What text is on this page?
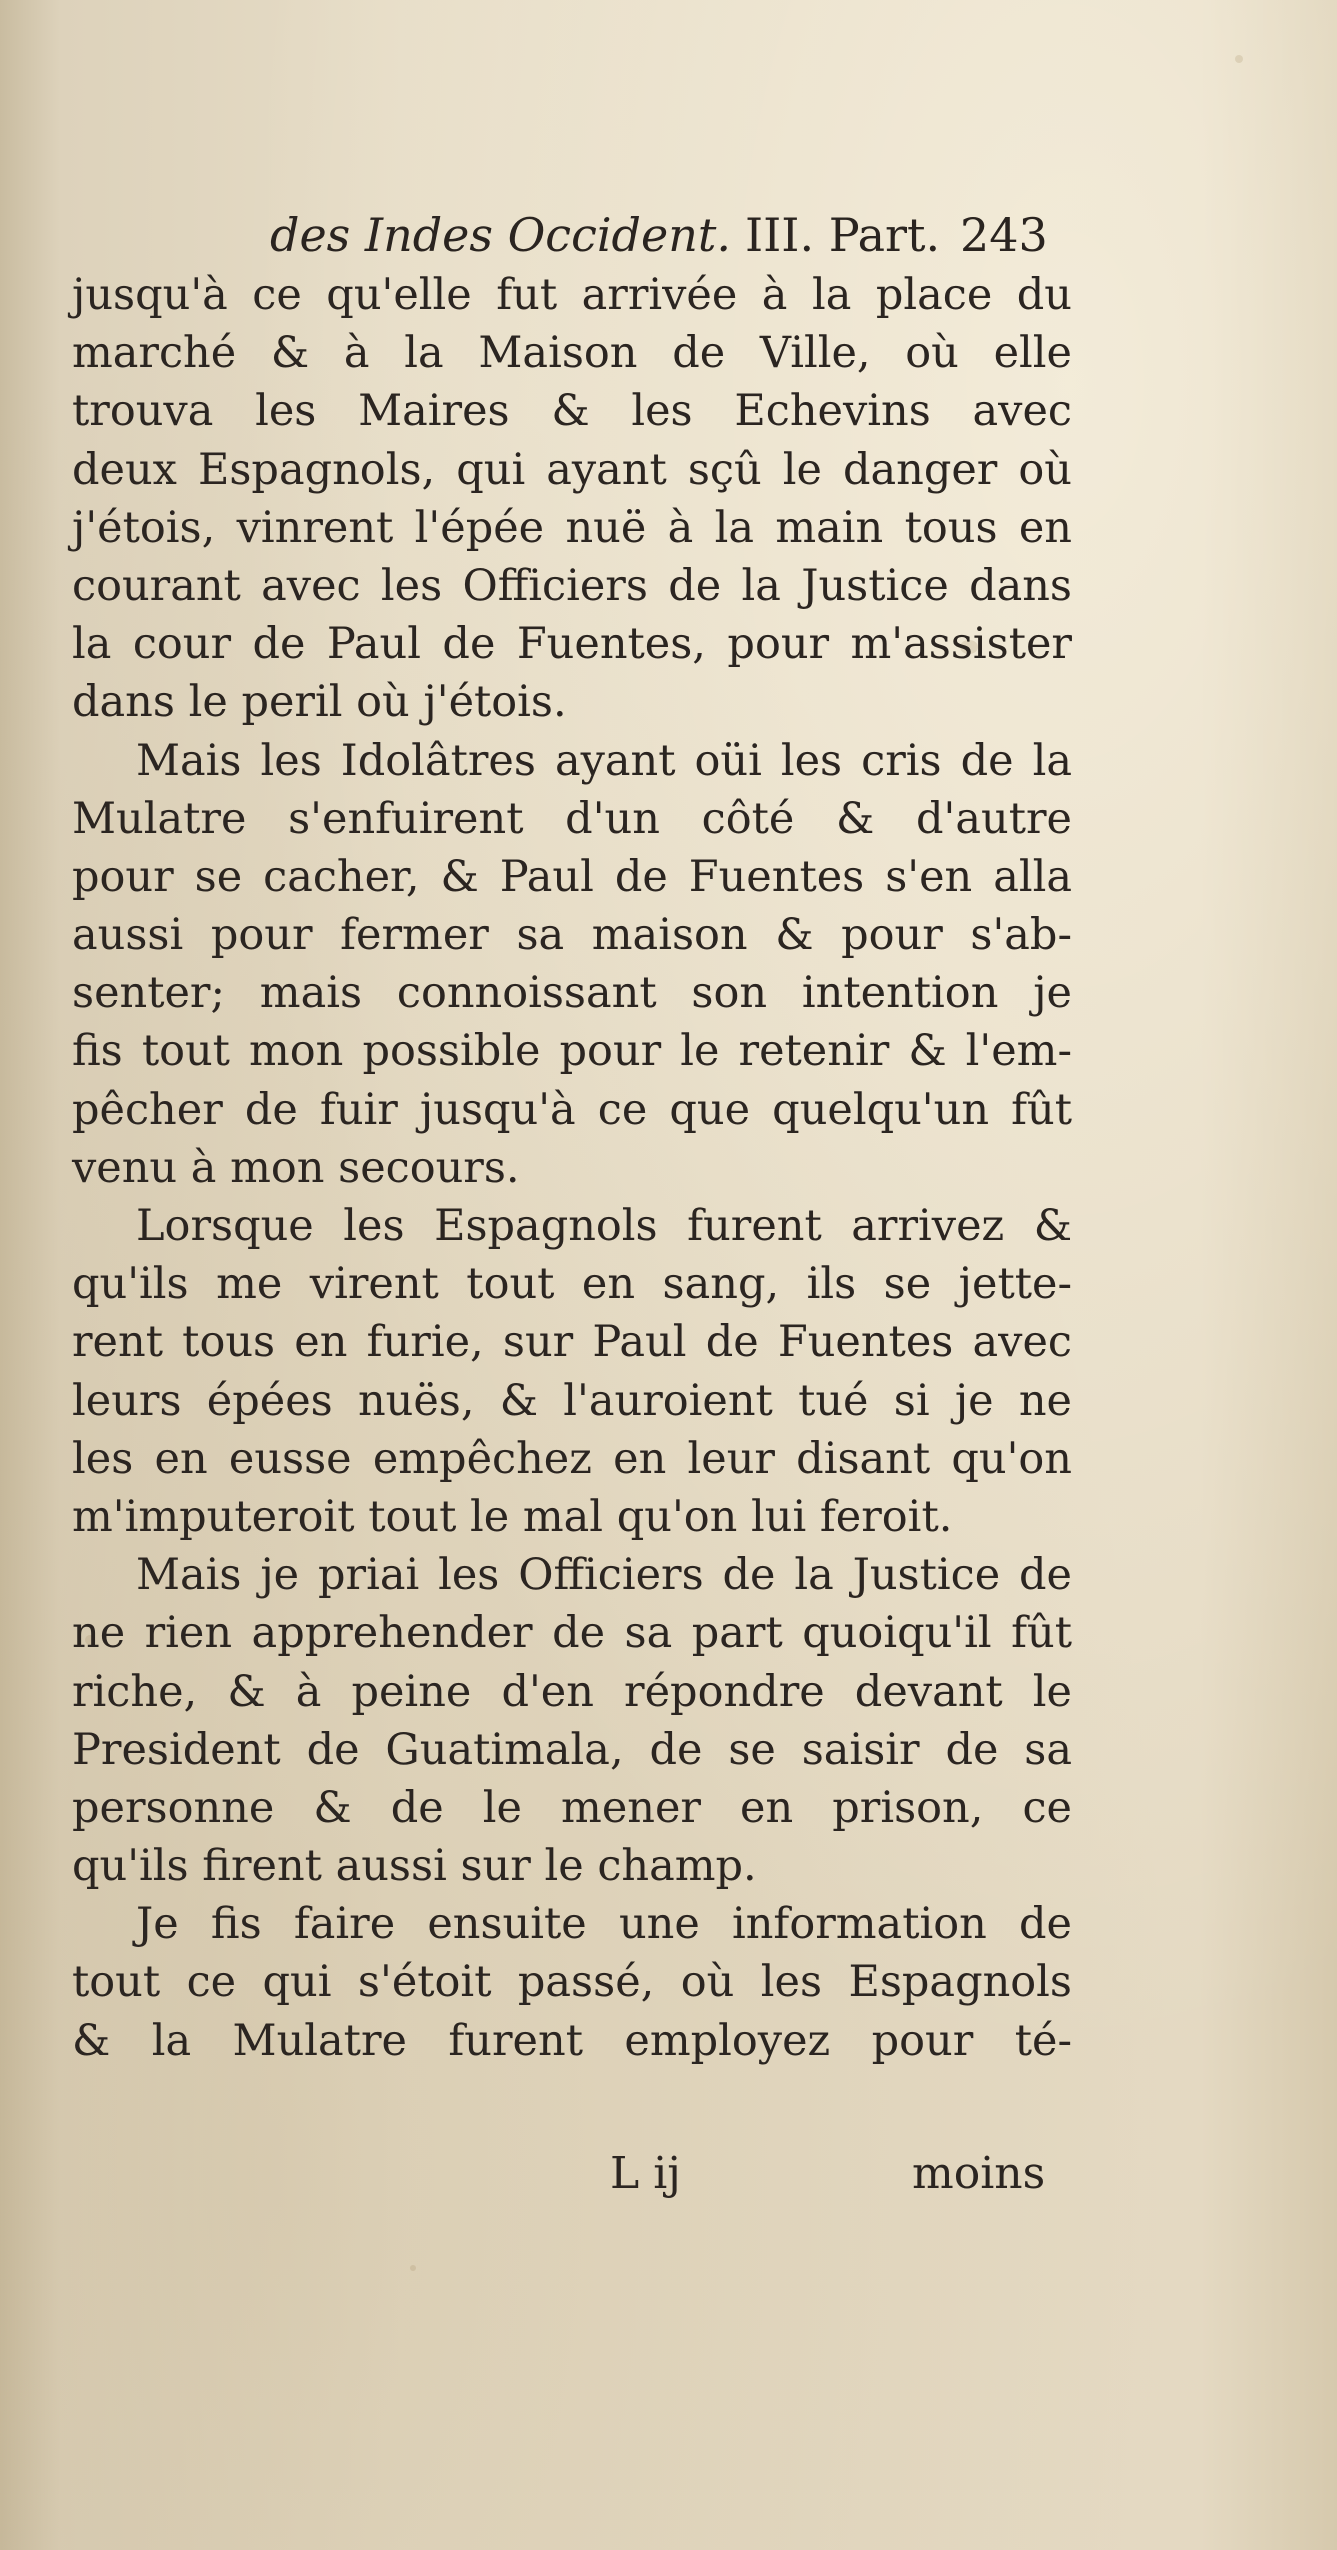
des Indes Occident. III. Part. 243
jusqu'à ce qu'elle fut arrivée à la place du
marché & à la Maison de Ville, où elle
trouva les Maires & les Echevins avec
deux Espagnols, qui ayant sçû le danger où
j'étois, vinrent l'épée nuë à la main tous en
courant avec les Officiers de la Justice dans
la cour de Paul de Fuentes, pour m'assister
dans le peril où j'étois.
Mais les Idolâtres ayant oüi les cris de la
Mulatre s'enfuirent d'un côté & d'autre
pour se cacher, & Paul de Fuentes s'en alla
aussi pour fermer sa maison & pour s'ab-
senter; mais connoissant son intention je
fis tout mon possible pour le retenir & l'em-
pêcher de fuir jusqu'à ce que quelqu'un fût
venu à mon secours.
Lorsque les Espagnols furent arrivez &
qu'ils me virent tout en sang, ils se jette-
rent tous en furie, sur Paul de Fuentes avec
leurs épées nuës, & l'auroient tué si je ne
les en eusse empêchez en leur disant qu'on
m'imputeroit tout le mal qu'on lui feroit.
Mais je priai les Officiers de la Justice de
ne rien apprehender de sa part quoiqu'il fût
riche, & à peine d'en répondre devant le
President de Guatimala, de se saisir de sa
personne & de le mener en prison, ce
qu'ils firent aussi sur le champ.
Je fis faire ensuite une information de
tout ce qui s'étoit passé, où les Espagnols
& la Mulatre furent employez pour té-
L ij	moins
